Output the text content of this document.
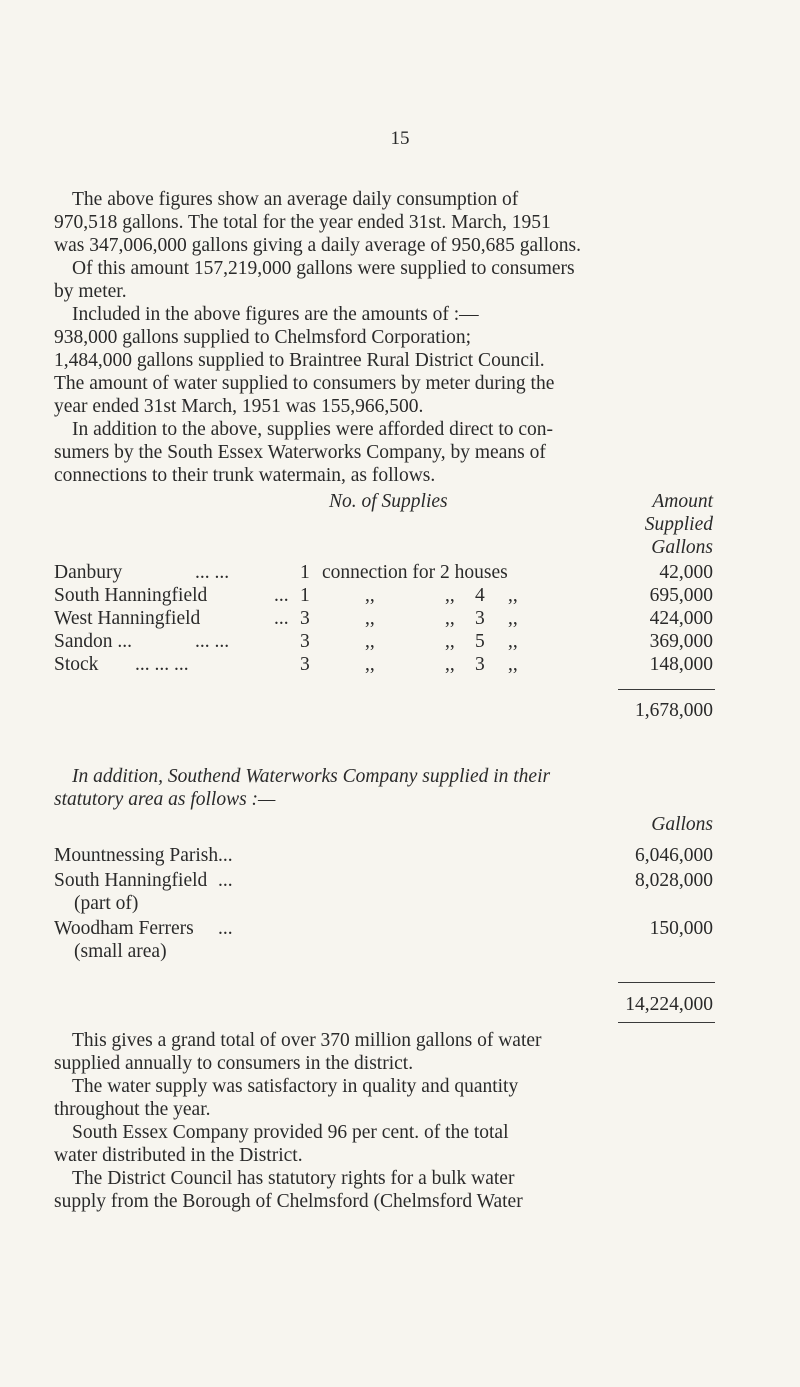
15
The above figures show an average daily consumption of
970,518 gallons. The total for the year ended 31st. March, 1951
was 347,006,000 gallons giving a daily average of 950,685 gallons.
Of this amount 157,219,000 gallons were supplied to consumers
by meter.
Included in the above figures are the amounts of :—
938,000 gallons supplied to Chelmsford Corporation;
1,484,000 gallons supplied to Braintree Rural District Council.
The amount of water supplied to consumers by meter during the
year ended 31st March, 1951 was 155,966,500.
In addition to the above, supplies were afforded direct to con-
sumers by the South Essex Waterworks Company, by means of
connections to their trunk watermain, as follows.
No. of Supplies	Amount
Supplied
Gallons
Danbury	... ...	1 connection for 2 houses	42,000
South Hanningfield	... 1	,,	,, 4 ,,	695,000
West Hanningfield	... 3	,,	,, 3 ,,	424,000
Sandon ...	... ...	3	,,	,, 5 ,,	369,000
Stock ... ... ...	3	,,	,, 3 ,,	148,000
1,678,000
In addition, Southend Waterworks Company supplied in their
statutory area as follows :—
Gallons
Mountnessing Parish ...	6,046,000
South Hanningfield ...	8,028,000
(part of)
Woodham Ferrers ...	150,000
(small area)
14,224,000
This gives a grand total of over 370 million gallons of water
supplied annually to consumers in the district.
The water supply was satisfactory in quality and quantity
throughout the year.
South Essex Company provided 96 per cent. of the total
water distributed in the District.
The District Council has statutory rights for a bulk water
supply from the Borough of Chelmsford (Chelmsford Water
